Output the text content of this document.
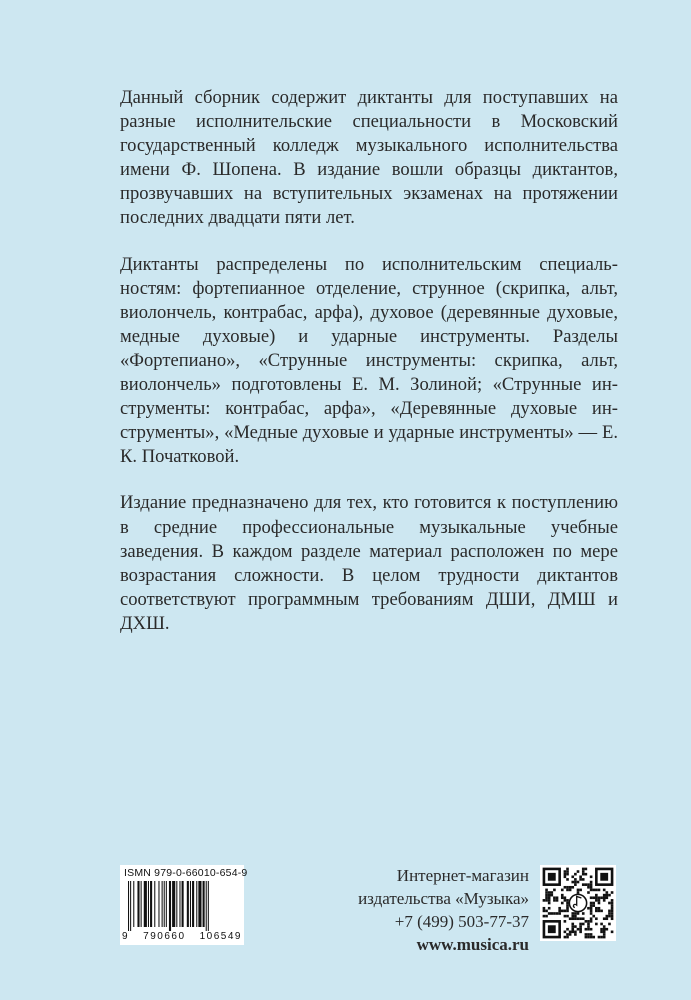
Данный сборник содержит диктанты для поступавших на разные исполнительские специальности в Московский государственный колледж музыкального исполнительства имени Ф. Шопена. В издание вошли образцы диктантов, прозвучавших на вступительных экзаменах на протяжении последних двадцати пяти лет.

Диктанты распределены по исполнительским специальностям: фортепианное отделение, струнное (скрипка, альт, виолончель, контрабас, арфа), духовое (деревянные духовые, медные духовые) и ударные инструменты. Разделы «Фортепиано», «Струнные инструменты: скрипка, альт, виолончель» подготовлены Е. М. Золиной; «Струнные инструменты: контрабас, арфа», «Деревянные духовые инструменты», «Медные духовые и ударные инструменты» — Е. К. Початковой.

Издание предназначено для тех, кто готовится к поступлению в средние профессиональные музыкальные учебные заведения. В каждом разделе материал расположен по мере возрастания сложности. В целом трудности диктантов соответствуют программным требованиям ДШИ, ДМШ и ДХШ.

ISMN 979-0-66010-654-9
9 790660 106549
Интернет-магазин
издательства «Музыка»
+7 (499) 503-77-37
www.musica.ru
